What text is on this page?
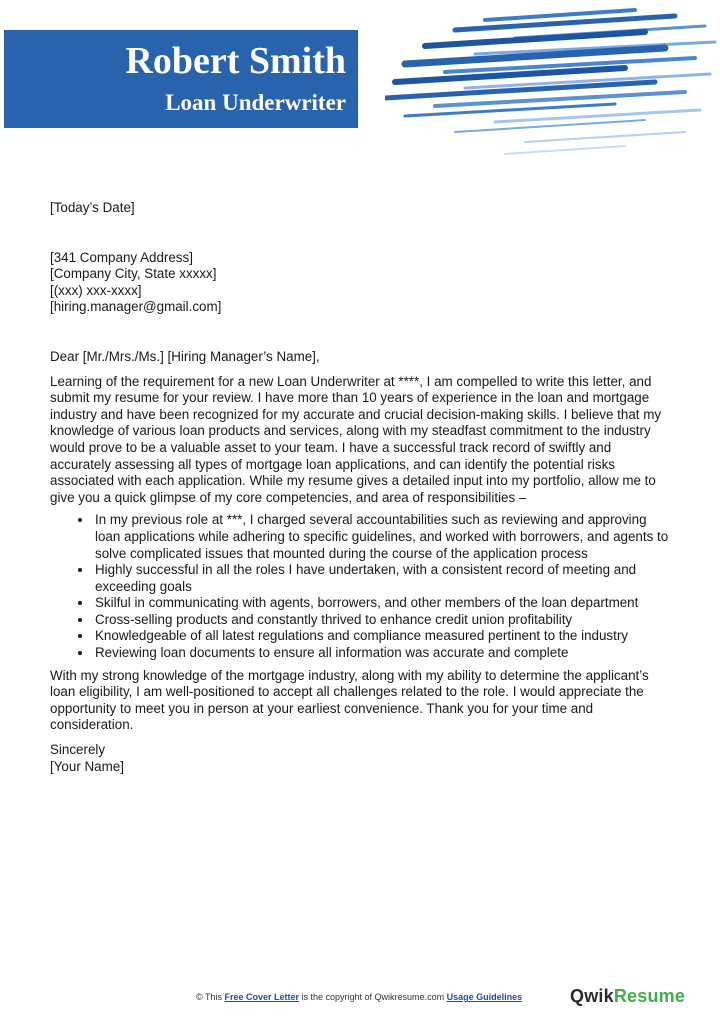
Robert Smith
Loan Underwriter

[Today’s Date]

[341 Company Address]

[Company City, State xxxxx]

[(xxx) xxx-xxxx]

[hiring.manager@gmail.com]

Dear [Mr./Mrs./Ms.] [Hiring Manager’s Name],

Learning of the requirement for a new Loan Underwriter at ****, I am compelled to write this letter, and submit my resume for your review. I have more than 10 years of experience in the loan and mortgage industry and have been recognized for my accurate and crucial decision-making skills. I believe that my knowledge of various loan products and services, along with my steadfast commitment to the industry would prove to be a valuable asset to your team. I have a successful track record of swiftly and accurately assessing all types of mortgage loan applications, and can identify the potential risks associated with each application. While my resume gives a detailed input into my portfolio, allow me to give you a quick glimpse of my core competencies, and area of responsibilities –

• In my previous role at ***, I charged several accountabilities such as reviewing and approving loan applications while adhering to specific guidelines, and worked with borrowers, and agents to solve complicated issues that mounted during the course of the application process
• Highly successful in all the roles I have undertaken, with a consistent record of meeting and exceeding goals
• Skilful in communicating with agents, borrowers, and other members of the loan department
• Cross-selling products and constantly thrived to enhance credit union profitability
• Knowledgeable of all latest regulations and compliance measured pertinent to the industry
• Reviewing loan documents to ensure all information was accurate and complete

With my strong knowledge of the mortgage industry, along with my ability to determine the applicant’s loan eligibility, I am well-positioned to accept all challenges related to the role. I would appreciate the opportunity to meet you in person at your earliest convenience. Thank you for your time and consideration.

Sincerely

[Your Name]

© This Free Cover Letter is the copyright of Qwikresume.com Usage Guidelines	QwikResume
